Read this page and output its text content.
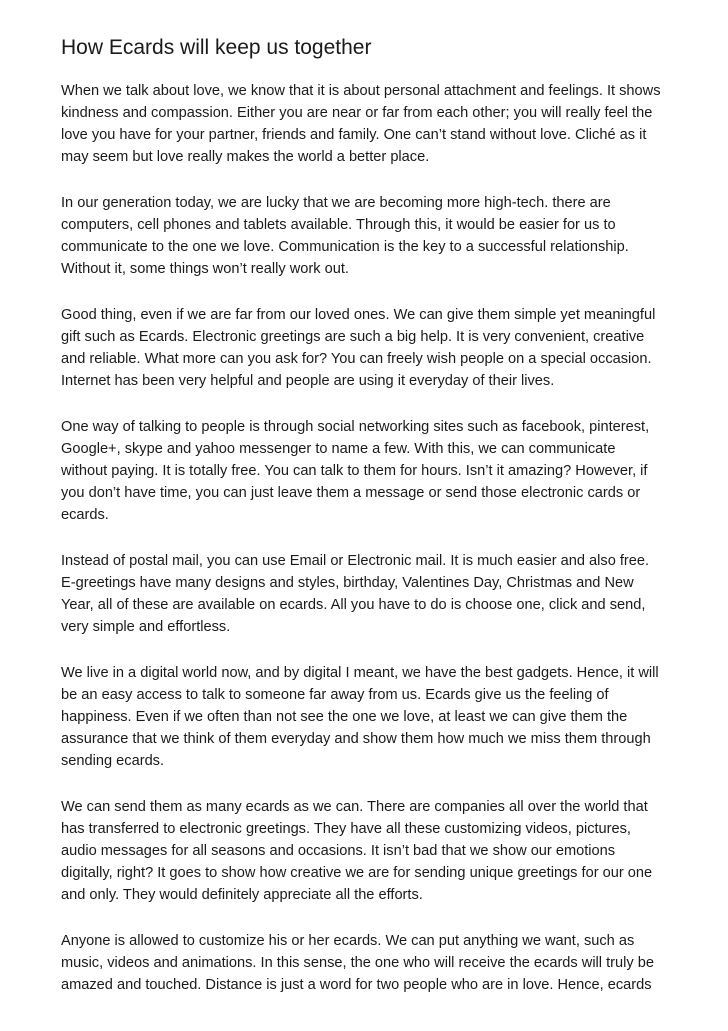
How Ecards will keep us together
When we talk about love, we know that it is about personal attachment and feelings. It shows
kindness and compassion. Either you are near or far from each other; you will really feel the
love you have for your partner, friends and family. One can’t stand without love. Cliché as it
may seem but love really makes the world a better place.
In our generation today, we are lucky that we are becoming more high-tech. there are
computers, cell phones and tablets available. Through this, it would be easier for us to
communicate to the one we love. Communication is the key to a successful relationship.
Without it, some things won’t really work out.
Good thing, even if we are far from our loved ones. We can give them simple yet meaningful
gift such as Ecards. Electronic greetings are such a big help. It is very convenient, creative
and reliable. What more can you ask for? You can freely wish people on a special occasion.
Internet has been very helpful and people are using it everyday of their lives.
One way of talking to people is through social networking sites such as facebook, pinterest,
Google+, skype and yahoo messenger to name a few. With this, we can communicate
without paying. It is totally free. You can talk to them for hours. Isn’t it amazing? However, if
you don’t have time, you can just leave them a message or send those electronic cards or
ecards.
Instead of postal mail, you can use Email or Electronic mail. It is much easier and also free.
E-greetings have many designs and styles, birthday, Valentines Day, Christmas and New
Year, all of these are available on ecards. All you have to do is choose one, click and send,
very simple and effortless.
We live in a digital world now, and by digital I meant, we have the best gadgets. Hence, it will
be an easy access to talk to someone far away from us. Ecards give us the feeling of
happiness. Even if we often than not see the one we love, at least we can give them the
assurance that we think of them everyday and show them how much we miss them through
sending ecards.
We can send them as many ecards as we can. There are companies all over the world that
has transferred to electronic greetings. They have all these customizing videos, pictures,
audio messages for all seasons and occasions. It isn’t bad that we show our emotions
digitally, right? It goes to show how creative we are for sending unique greetings for our one
and only. They would definitely appreciate all the efforts.
Anyone is allowed to customize his or her ecards. We can put anything we want, such as
music, videos and animations. In this sense, the one who will receive the ecards will truly be
amazed and touched. Distance is just a word for two people who are in love. Hence, ecards
